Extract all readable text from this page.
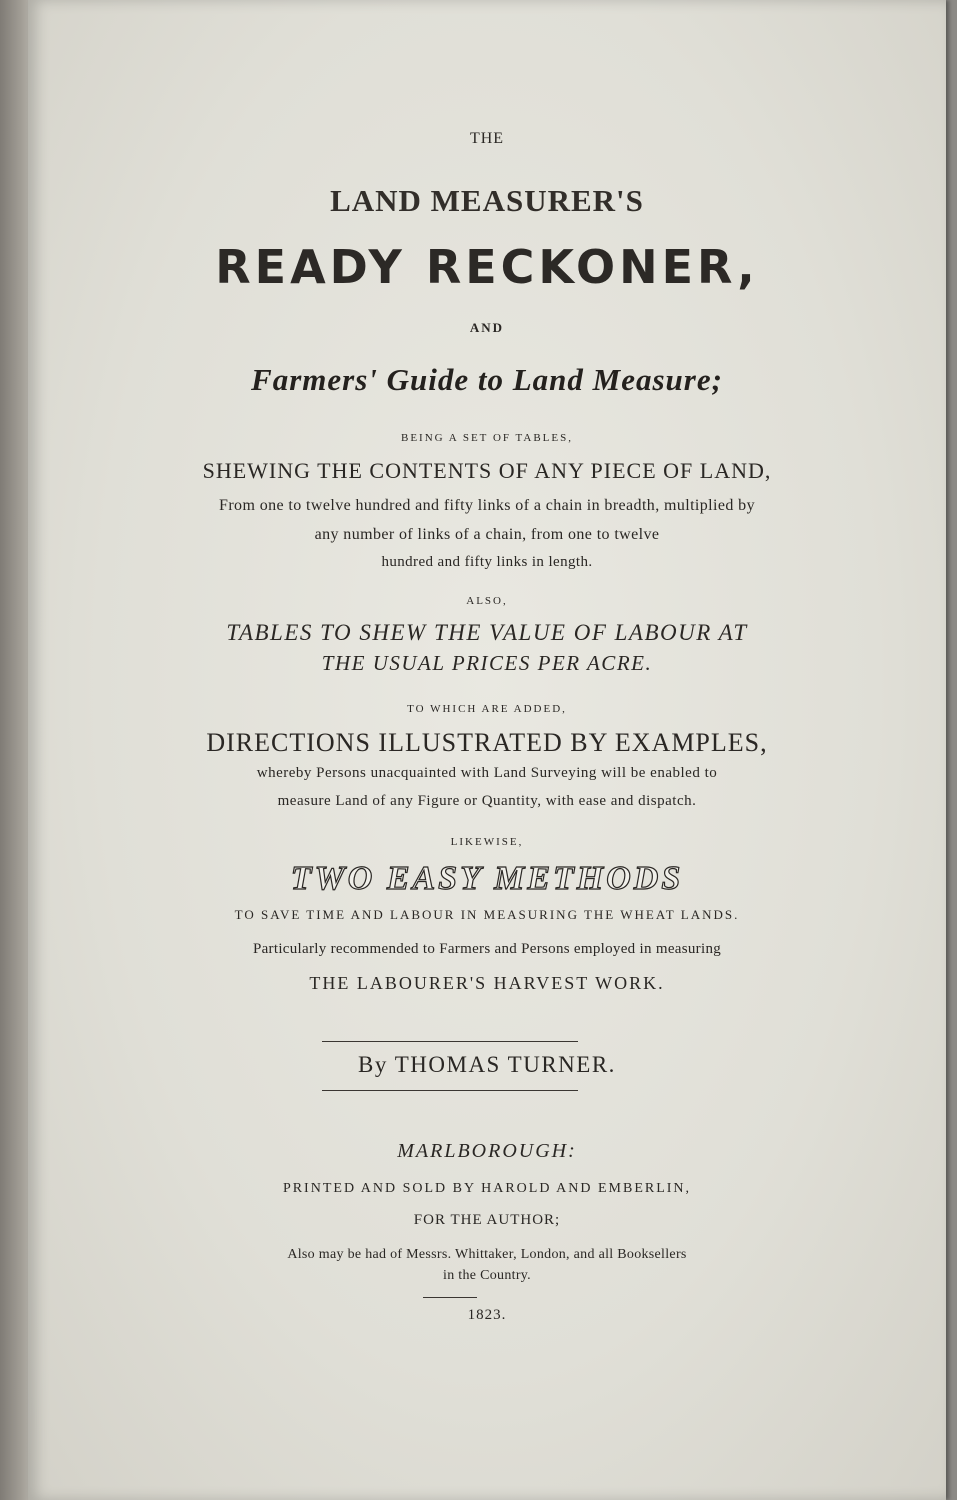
THE
LAND MEASURER'S
READY RECKONER,
AND
Farmers' Guide to Land Measure;
BEING A SET OF TABLES,
SHEWING THE CONTENTS OF ANY PIECE OF LAND,
From one to twelve hundred and fifty links of a chain in breadth, multiplied by
any number of links of a chain, from one to twelve
hundred and fifty links in length.
ALSO,
TABLES TO SHEW THE VALUE OF LABOUR AT
THE USUAL PRICES PER ACRE.
TO WHICH ARE ADDED,
DIRECTIONS ILLUSTRATED BY EXAMPLES,
whereby Persons unacquainted with Land Surveying will be enabled to
measure Land of any Figure or Quantity, with ease and dispatch.
LIKEWISE,
TWO EASY METHODS
TO SAVE TIME AND LABOUR IN MEASURING THE WHEAT LANDS.
Particularly recommended to Farmers and Persons employed in measuring
THE LABOURER'S HARVEST WORK.
By THOMAS TURNER.
MARLBOROUGH:
PRINTED AND SOLD BY HAROLD AND EMBERLIN,
FOR THE AUTHOR;
Also may be had of Messrs. Whittaker, London, and all Booksellers
in the Country.
1823.
